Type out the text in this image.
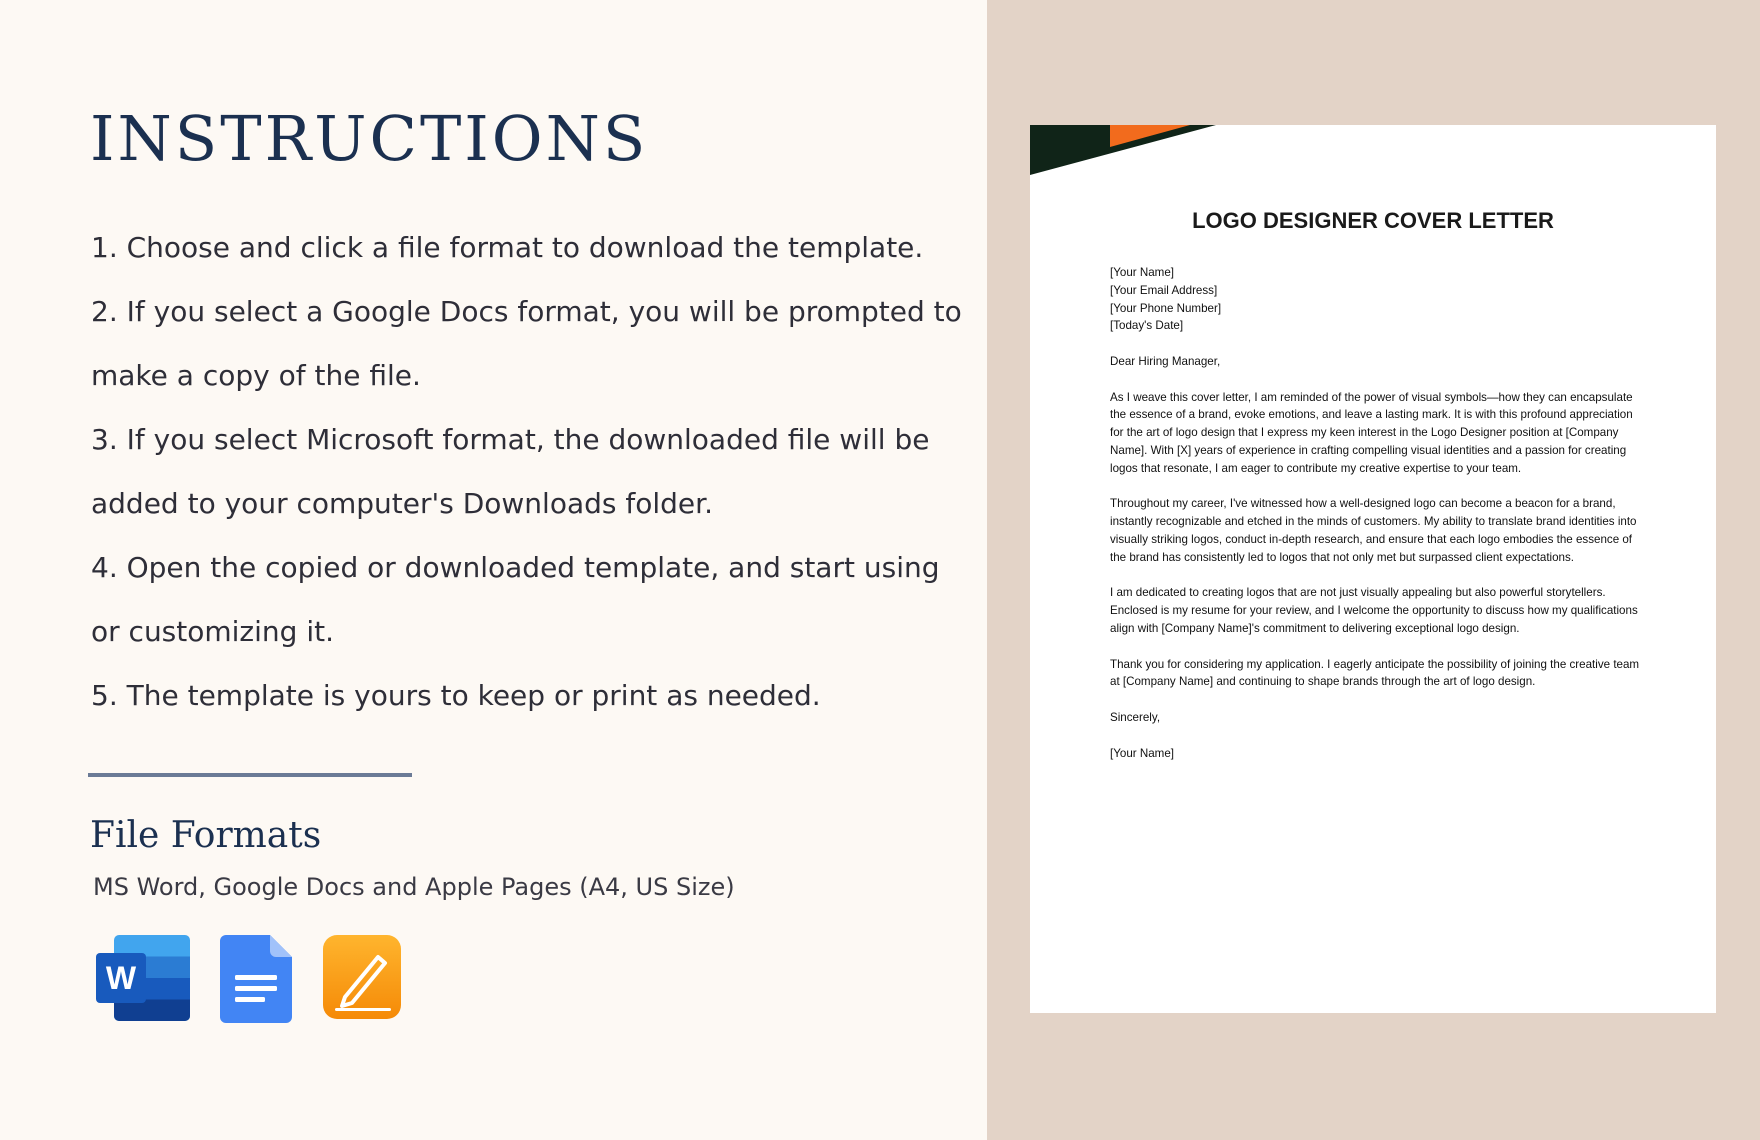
INSTRUCTIONS
1. Choose and click a file format to download the template.
2. If you select a Google Docs format, you will be prompted to make a copy of the file.
3. If you select Microsoft format, the downloaded file will be added to your computer's Downloads folder.
4. Open the copied or downloaded template, and start using or customizing it.
5. The template is yours to keep or print as needed.
File Formats
MS Word, Google Docs and Apple Pages (A4, US Size)
W
LOGO DESIGNER COVER LETTER

[Your Name]
[Your Email Address]
[Your Phone Number]
[Today's Date]

Dear Hiring Manager,

As I weave this cover letter, I am reminded of the power of visual symbols—how they can encapsulate the essence of a brand, evoke emotions, and leave a lasting mark. It is with this profound appreciation for the art of logo design that I express my keen interest in the Logo Designer position at [Company Name]. With [X] years of experience in crafting compelling visual identities and a passion for creating logos that resonate, I am eager to contribute my creative expertise to your team.

Throughout my career, I've witnessed how a well-designed logo can become a beacon for a brand, instantly recognizable and etched in the minds of customers. My ability to translate brand identities into visually striking logos, conduct in-depth research, and ensure that each logo embodies the essence of the brand has consistently led to logos that not only met but surpassed client expectations.

I am dedicated to creating logos that are not just visually appealing but also powerful storytellers. Enclosed is my resume for your review, and I welcome the opportunity to discuss how my qualifications align with [Company Name]'s commitment to delivering exceptional logo design.

Thank you for considering my application. I eagerly anticipate the possibility of joining the creative team at [Company Name] and continuing to shape brands through the art of logo design.

Sincerely,

[Your Name]
